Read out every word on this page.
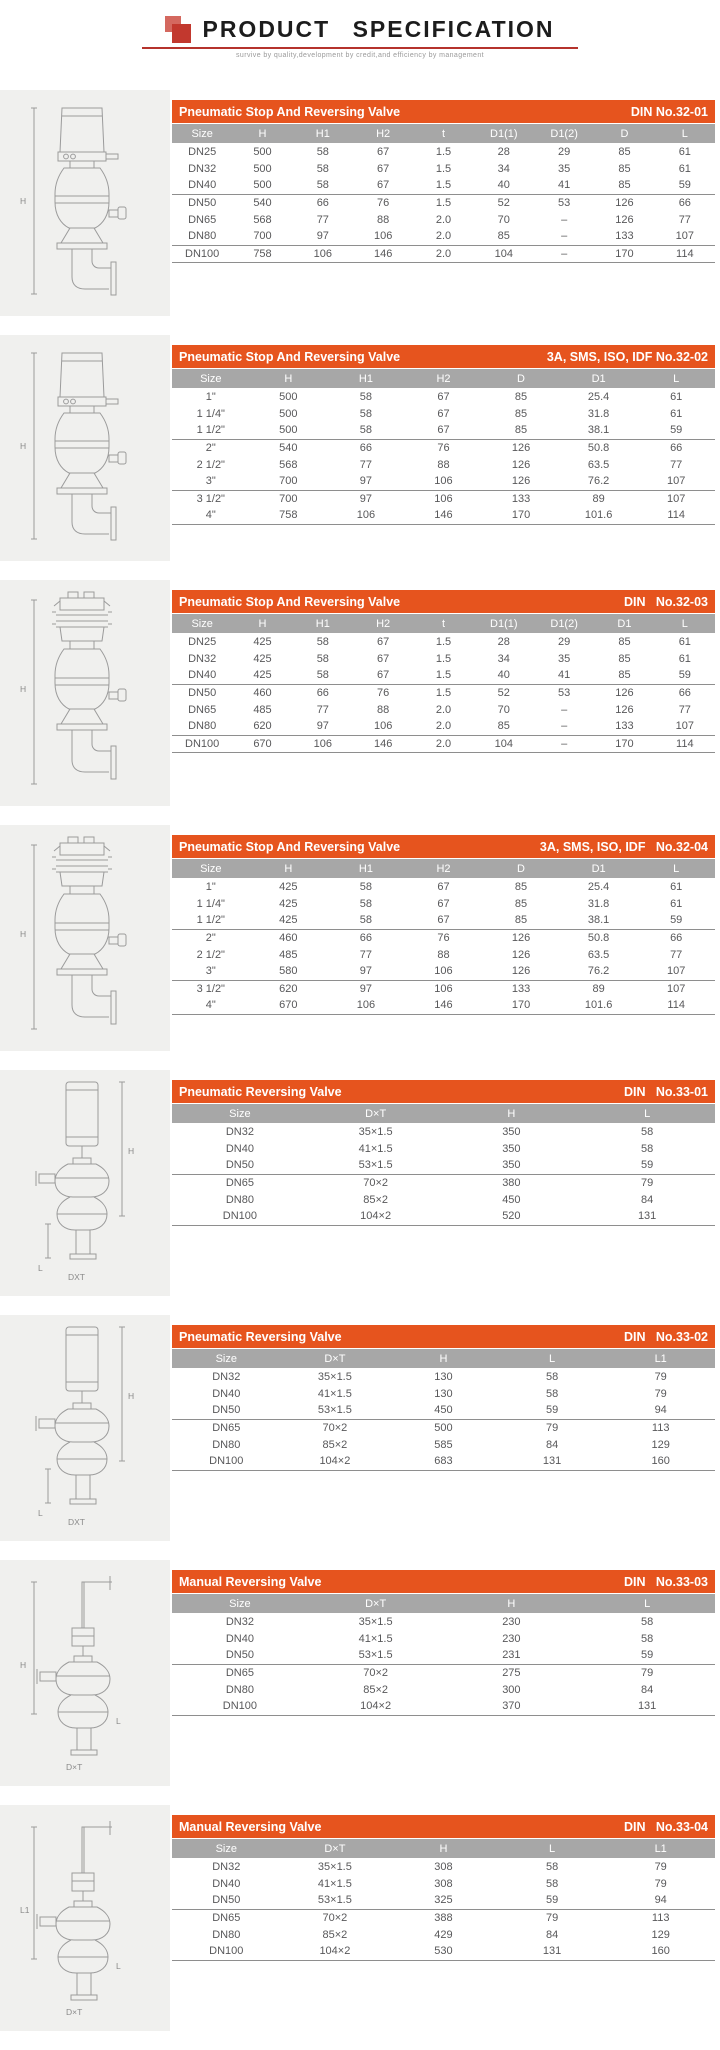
PRODUCT SPECIFICATION
survive by quality,development by credit,and efficiency by management
H
Pneumatic Stop And Reversing Valve	DIN No.32-01
Size	H	H1	H2	t	D1(1)	D1(2)	D	L
DN25	500	58	67	1.5	28	29	85	61
DN32	500	58	67	1.5	34	35	85	61
DN40	500	58	67	1.5	40	41	85	59
DN50	540	66	76	1.5	52	53	126	66
DN65	568	77	88	2.0	70	–	126	77
DN80	700	97	106	2.0	85	–	133	107
DN100	758	106	146	2.0	104	–	170	114
H
Pneumatic Stop And Reversing Valve	3A, SMS, ISO, IDF No.32-02
Size	H	H1	H2	D	D1	L
1"	500	58	67	85	25.4	61
1 1/4"	500	58	67	85	31.8	61
1 1/2"	500	58	67	85	38.1	59
2"	540	66	76	126	50.8	66
2 1/2"	568	77	88	126	63.5	77
3"	700	97	106	126	76.2	107
3 1/2"	700	97	106	133	89	107
4"	758	106	146	170	101.6	114
H
Pneumatic Stop And Reversing Valve	DIN   No.32-03
Size	H	H1	H2	t	D1(1)	D1(2)	D1	L
DN25	425	58	67	1.5	28	29	85	61
DN32	425	58	67	1.5	34	35	85	61
DN40	425	58	67	1.5	40	41	85	59
DN50	460	66	76	1.5	52	53	126	66
DN65	485	77	88	2.0	70	–	126	77
DN80	620	97	106	2.0	85	–	133	107
DN100	670	106	146	2.0	104	–	170	114
H
Pneumatic Stop And Reversing Valve	3A, SMS, ISO, IDF   No.32-04
Size	H	H1	H2	D	D1	L
1"	425	58	67	85	25.4	61
1 1/4"	425	58	67	85	31.8	61
1 1/2"	425	58	67	85	38.1	59
2"	460	66	76	126	50.8	66
2 1/2"	485	77	88	126	63.5	77
3"	580	97	106	126	76.2	107
3 1/2"	620	97	106	133	89	107
4"	670	106	146	170	101.6	114
H
L
DXT
Pneumatic Reversing Valve	DIN   No.33-01
Size	D×T	H	L
DN32	35×1.5	350	58
DN40	41×1.5	350	58
DN50	53×1.5	350	59
DN65	70×2	380	79
DN80	85×2	450	84
DN100	104×2	520	131
H
L
DXT
Pneumatic Reversing Valve	DIN   No.33-02
Size	D×T	H	L	L1
DN32	35×1.5	130	58	79
DN40	41×1.5	130	58	79
DN50	53×1.5	450	59	94
DN65	70×2	500	79	113
DN80	85×2	585	84	129
DN100	104×2	683	131	160
H
D×T
L
Manual Reversing Valve	DIN   No.33-03
Size	D×T	H	L
DN32	35×1.5	230	58
DN40	41×1.5	230	58
DN50	53×1.5	231	59
DN65	70×2	275	79
DN80	85×2	300	84
DN100	104×2	370	131
L1
D×T
L
Manual Reversing Valve	DIN   No.33-04
Size	D×T	H	L	L1
DN32	35×1.5	308	58	79
DN40	41×1.5	308	58	79
DN50	53×1.5	325	59	94
DN65	70×2	388	79	113
DN80	85×2	429	84	129
DN100	104×2	530	131	160
